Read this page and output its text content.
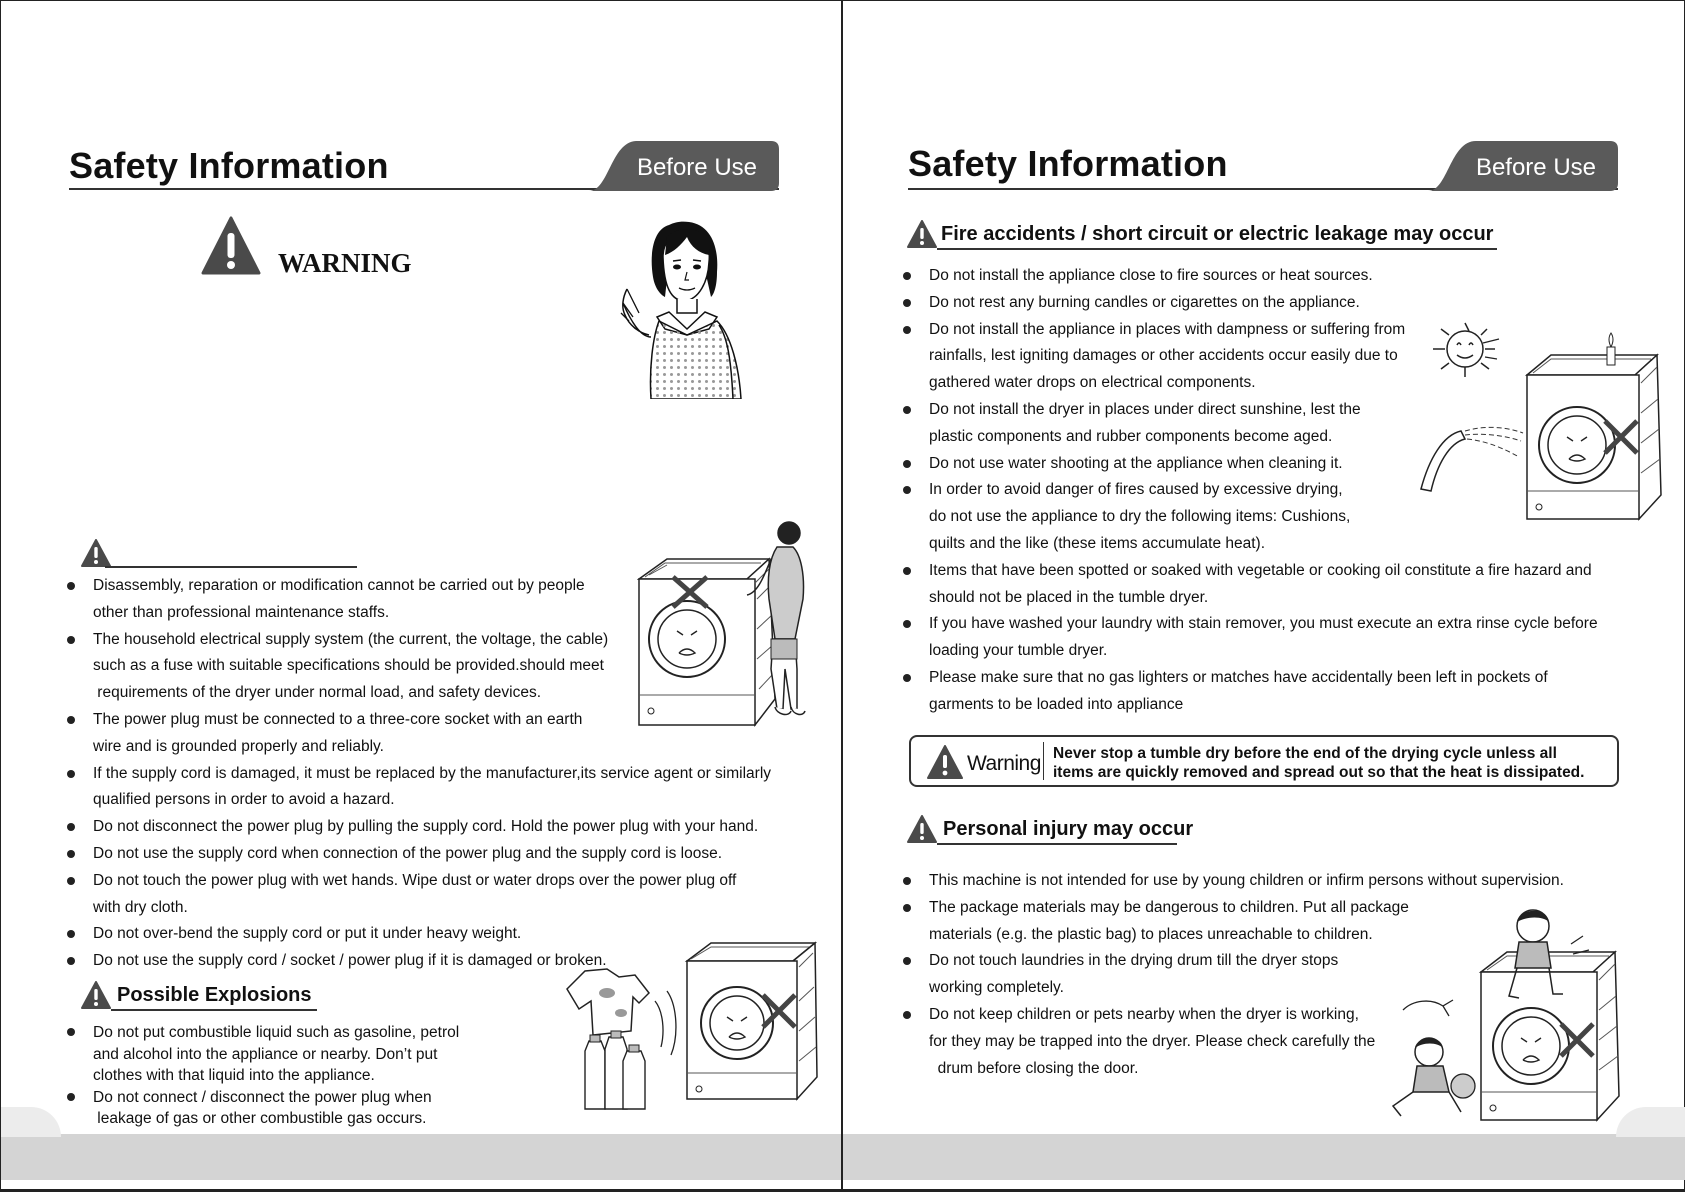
Safety Information	Before Use
WARNING
Disassembly, reparation or modification cannot be carried out by people
other than professional maintenance staffs.
The household electrical supply system (the current, the voltage, the cable)
such as a fuse with suitable specifications should be provided.should meet
requirements of the dryer under normal load, and safety devices.
The power plug must be connected to a three-core socket with an earth
wire and is grounded properly and reliably.
If the supply cord is damaged, it must be replaced by the manufacturer,its service agent or similarly
qualified persons in order to avoid a hazard.
Do not disconnect the power plug by pulling the supply cord. Hold the power plug with your hand.
Do not use the supply cord when connection of the power plug and the supply cord is loose.
Do not touch the power plug with wet hands. Wipe dust or water drops over the power plug off
with dry cloth.
Do not over-bend the supply cord or put it under heavy weight.
Do not use the supply cord / socket / power plug if it is damaged or broken.
Possible Explosions
Do not put combustible liquid such as gasoline, petrol
and alcohol into the appliance or nearby. Don’t put
clothes with that liquid into the appliance.
Do not connect / disconnect the power plug when
leakage of gas or other combustible gas occurs.
Safety Information	Before Use
Fire accidents / short circuit or electric leakage may occur
Do not install the appliance close to fire sources or heat sources.
Do not rest any burning candles or cigarettes on the appliance.
Do not install the appliance in places with dampness or suffering from
rainfalls, lest igniting damages or other accidents occur easily due to
gathered water drops on electrical components.
Do not install the dryer in places under direct sunshine, lest the
plastic components and rubber components become aged.
Do not use water shooting at the appliance when cleaning it.
In order to avoid danger of fires caused by excessive drying,
do not use the appliance to dry the following items: Cushions,
quilts and the like (these items accumulate heat).
Items that have been spotted or soaked with vegetable or cooking oil constitute a fire hazard and
should not be placed in the tumble dryer.
If you have washed your laundry with stain remover, you must execute an extra rinse cycle before
loading your tumble dryer.
Please make sure that no gas lighters or matches have accidentally been left in pockets of
garments to be loaded into appliance
Warning Never stop a tumble dry before the end of the drying cycle unless all
items are quickly removed and spread out so that the heat is dissipated.
Personal injury may occur
This machine is not intended for use by young children or infirm persons without supervision.
The package materials may be dangerous to children. Put all package
materials (e.g. the plastic bag) to places unreachable to children.
Do not touch laundries in the drying drum till the dryer stops
working completely.
Do not keep children or pets nearby when the dryer is working,
for they may be trapped into the dryer. Please check carefully the
drum before closing the door.
